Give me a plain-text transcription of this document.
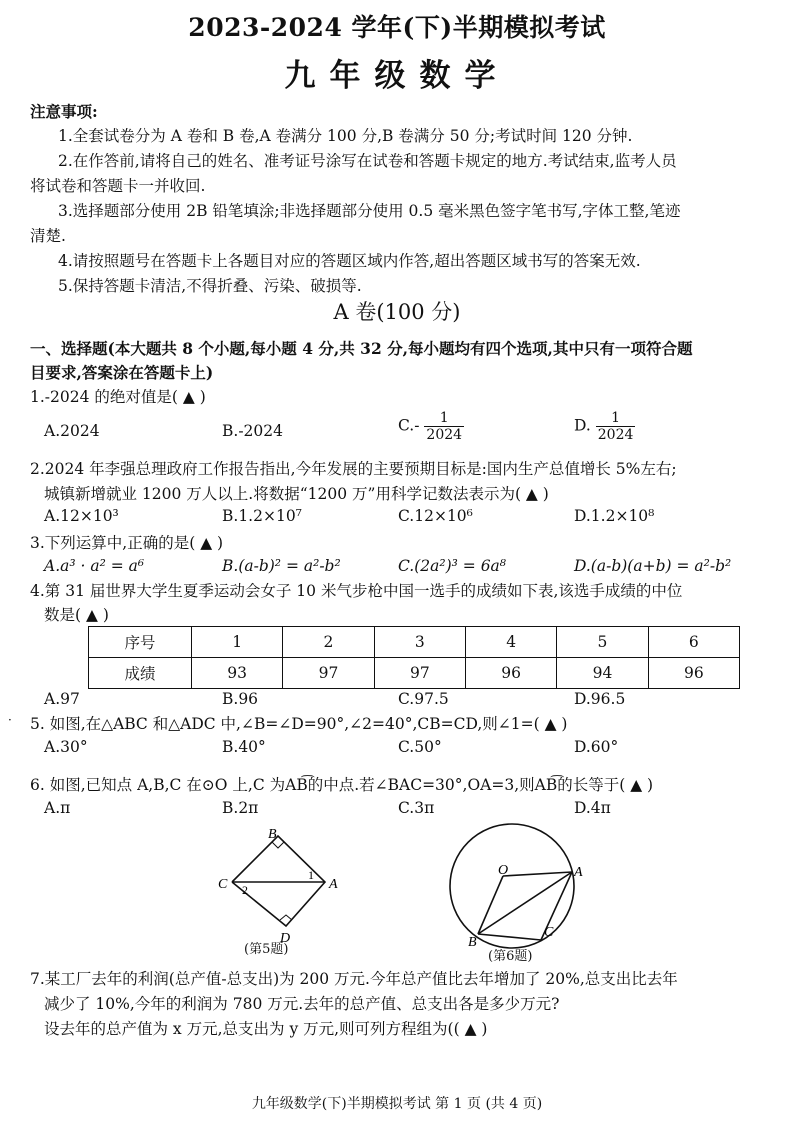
2023-2024 学年(下)半期模拟考试
九年级数学
注意事项:
1.全套试卷分为 A 卷和 B 卷,A 卷满分 100 分,B 卷满分 50 分;考试时间 120 分钟.
2.在作答前,请将自己的姓名、准考证号涂写在试卷和答题卡规定的地方.考试结束,监考人员
将试卷和答题卡一并收回.
3.选择题部分使用 2B 铅笔填涂;非选择题部分使用 0.5 毫米黑色签字笔书写,字体工整,笔迹
清楚.
4.请按照题号在答题卡上各题目对应的答题区域内作答,超出答题区域书写的答案无效.
5.保持答题卡清洁,不得折叠、污染、破损等.
A 卷(100 分)
一、选择题(本大题共 8 个小题,每小题 4 分,共 32 分,每小题均有四个选项,其中只有一项符合题
目要求,答案涂在答题卡上)
1.-2024 的绝对值是( ▲ )
A.2024	B.-2024	$C.- \frac{1}{2024}$	D. $\frac{1}{2024}$
2.2024 年李强总理政府工作报告指出,今年发展的主要预期目标是:国内生产总值增长 5%左右;
城镇新增就业 1200 万人以上.将数据“1200 万”用科学记数法表示为( ▲ )
A.12×10³	B.1.2×10⁷	C.12×10⁶	D.1.2×10⁸
3.下列运算中,正确的是( ▲ )
A.a³ · a² = a⁶	B.(a-b)² = a²-b²	C.(2a²)³ = 6a⁸	D.(a-b)(a+b) = a²-b²
4.第 31 届世界大学生夏季运动会女子 10 米气步枪中国一选手的成绩如下表,该选手成绩的中位
数是( ▲ )
序号	1	2	3	4	5	6
成绩	93	97	97	96	94	96
A.97	B.96	C.97.5	D.96.5
· 5. 如图,在△ABC 和△ADC 中,∠B=∠D=90°,∠2=40°,CB=CD,则∠1=( ▲ )
A.30°	B.40°	C.50°	D.60°
6. 如图,已知点 A,B,C 在⊙O 上,C 为AB͡的中点.若∠BAC=30°,OA=3,则AB͡的长等于( ▲ )
A.π	B.2π	C.3π	D.4π
B
C	A
D
1
2
(第5题)
O	A
B
C
(第6题)
7.某工厂去年的利润(总产值-总支出)为 200 万元.今年总产值比去年增加了 20%,总支出比去年
减少了 10%,今年的利润为 780 万元.去年的总产值、总支出各是多少万元?
设去年的总产值为 x 万元,总支出为 y 万元,则可列方程组为(( ▲ )
九年级数学(下)半期模拟考试 第 1 页 (共 4 页)
